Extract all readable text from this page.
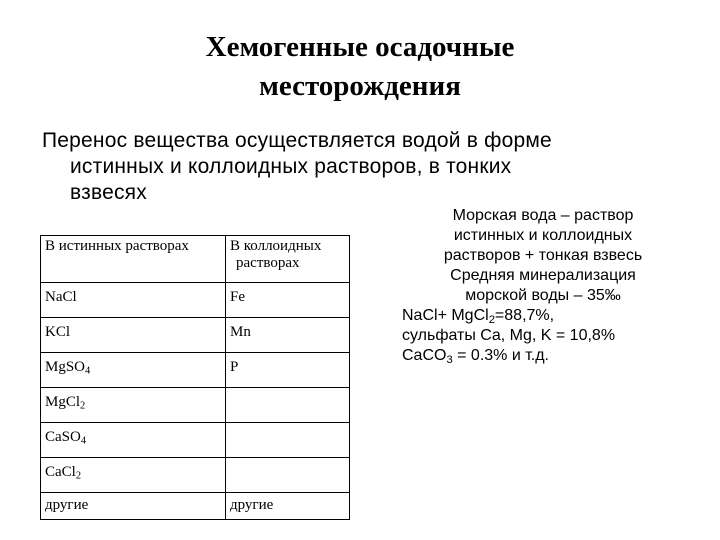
Хемогенные осадочные
месторождения
Перенос вещества осуществляется водой в форме
истинных и коллоидных растворов, в тонких
взвесях
В истинных растворах	В коллоидных
растворах

NaCl	Fe
KCl	Mn
MgSO$_4$	P
MgCl$_2$	
CaSO$_4$	
CaCl$_2$	
другие	другие
Морская вода – раствор
истинных и коллоидных
растворов + тонкая взвесь
Средняя минерализация
морской воды – 35‰
NaCl+ MgCl$_2$=88,7%,
сульфаты Ca, Mg, K = 10,8%
CaCO$_3$ = 0.3% и т.д.
